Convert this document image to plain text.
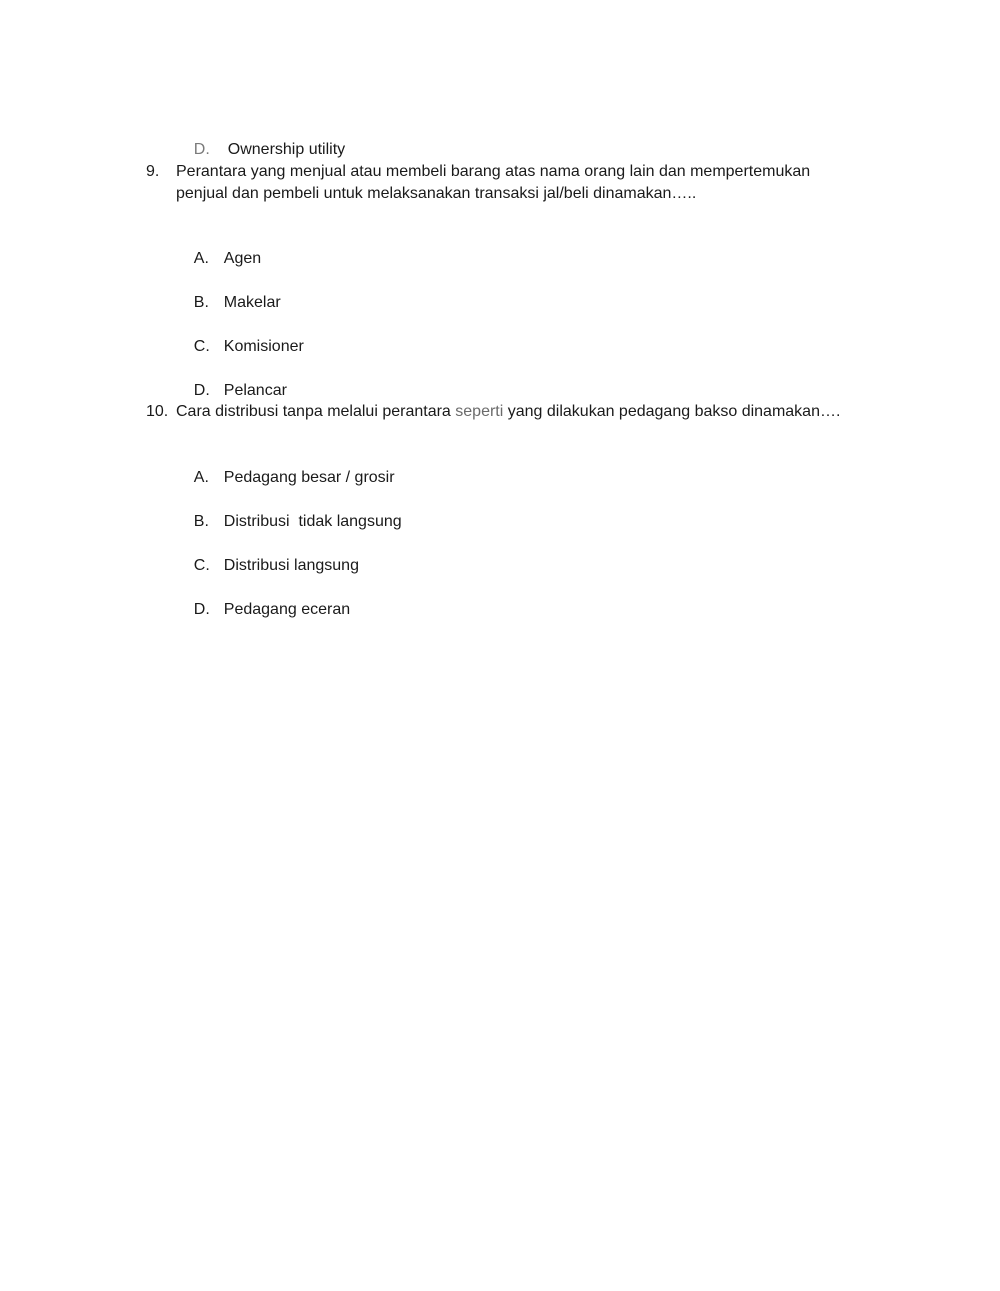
D. Ownership utility

9. Perantara yang menjual atau membeli barang atas nama orang lain dan mempertemukan
penjual dan pembeli untuk melaksanakan transaksi jal/beli dinamakan…..

A. Agen

B. Makelar

C. Komisioner

D. Pelancar

10. Cara distribusi tanpa melalui perantara seperti yang dilakukan pedagang bakso dinamakan….

A. Pedagang besar / grosir

B. Distribusi  tidak langsung

C. Distribusi langsung

D. Pedagang eceran
